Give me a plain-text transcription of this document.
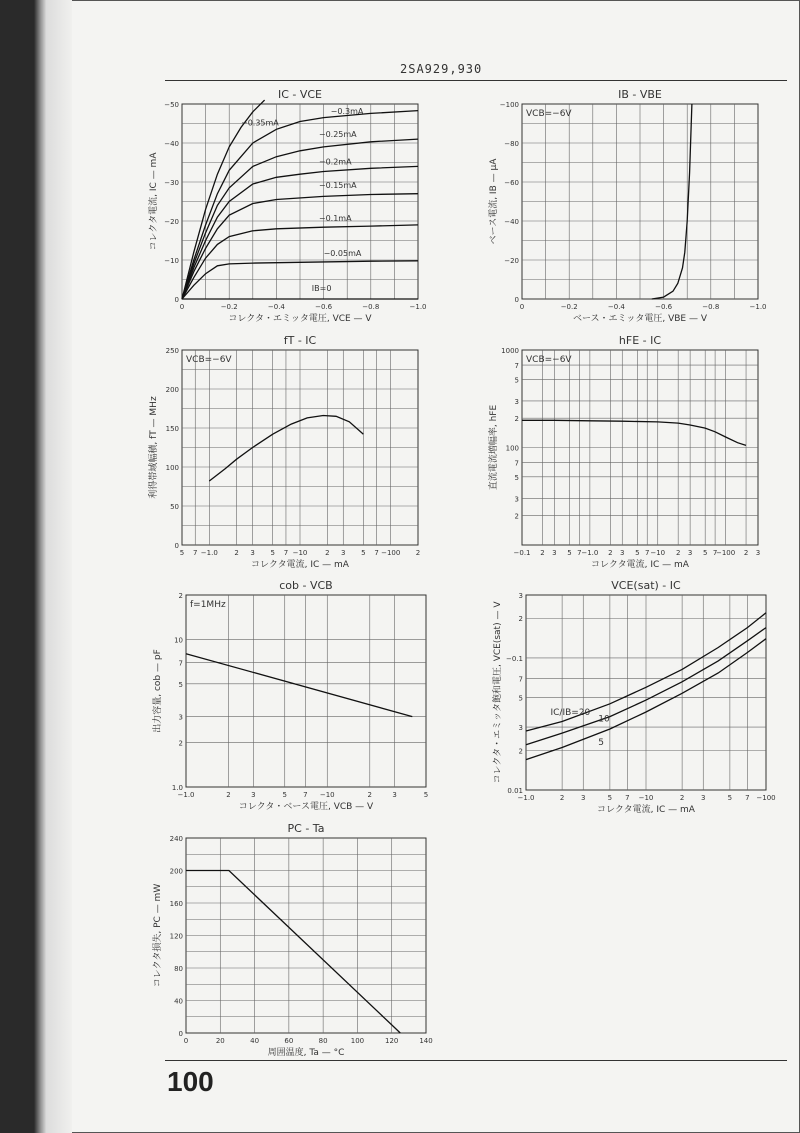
2SA929,930
IC - VCE
0	−0.2	−0.4	−0.6	−0.8	−1.0
0
−10
−20
−30
−40
−50
コレクタ・エミッタ電圧, VCE — V
コレクタ電流, IC — mA
−0.35mA
−0.3mA
−0.25mA
−0.2mA
−0.15mA
−0.1mA
−0.05mA
IB=0
IB - VBE
0	−0.2	−0.4	−0.6	−0.8	−1.0
0
−20
−40
−60
−80
−100
ベース・エミッタ電圧, VBE — V
ベース電流, IB — μA
VCB=−6V
fT - IC
5 7 −1.0 2 3 5 7 −10	2 3 5 7 −100 2
0
50
100
150
200
250
コレクタ電流, IC — mA
利得帯域幅積, fT — MHz
VCB=−6V
hFE - IC
−0.1 2 3 5 7 −1.0 2 3 5 7 −10 2 3 5 7
−100 2 3
1000
7
5
3
2
100
7
5
3
2
コレクタ電流, IC — mA
直流電流増幅率, hFE
VCB=−6V
cob - VCB
−1.0	2	3	5 7 −10	2	3	5
2
10
7
5
3
2
1.0
コレクタ・ベース電圧, VCB — V
出力容量, cob — pF
f=1MHz
VCE(sat) - IC
−1.0	2 3	5 7 −10	2 3	5 7 −100
3
2
−0.1
7
5
3
2
0.01
コレクタ電流, IC — mA
コレクタ・エミッタ飽和電圧, VCE(sat) — V	IC/IB=20
10
5
PC - Ta
0	20	40	60	80	100	120	140
0
40
80
120
160
200
240
周囲温度, Ta — °C
コレクタ損失, PC — mW
100
